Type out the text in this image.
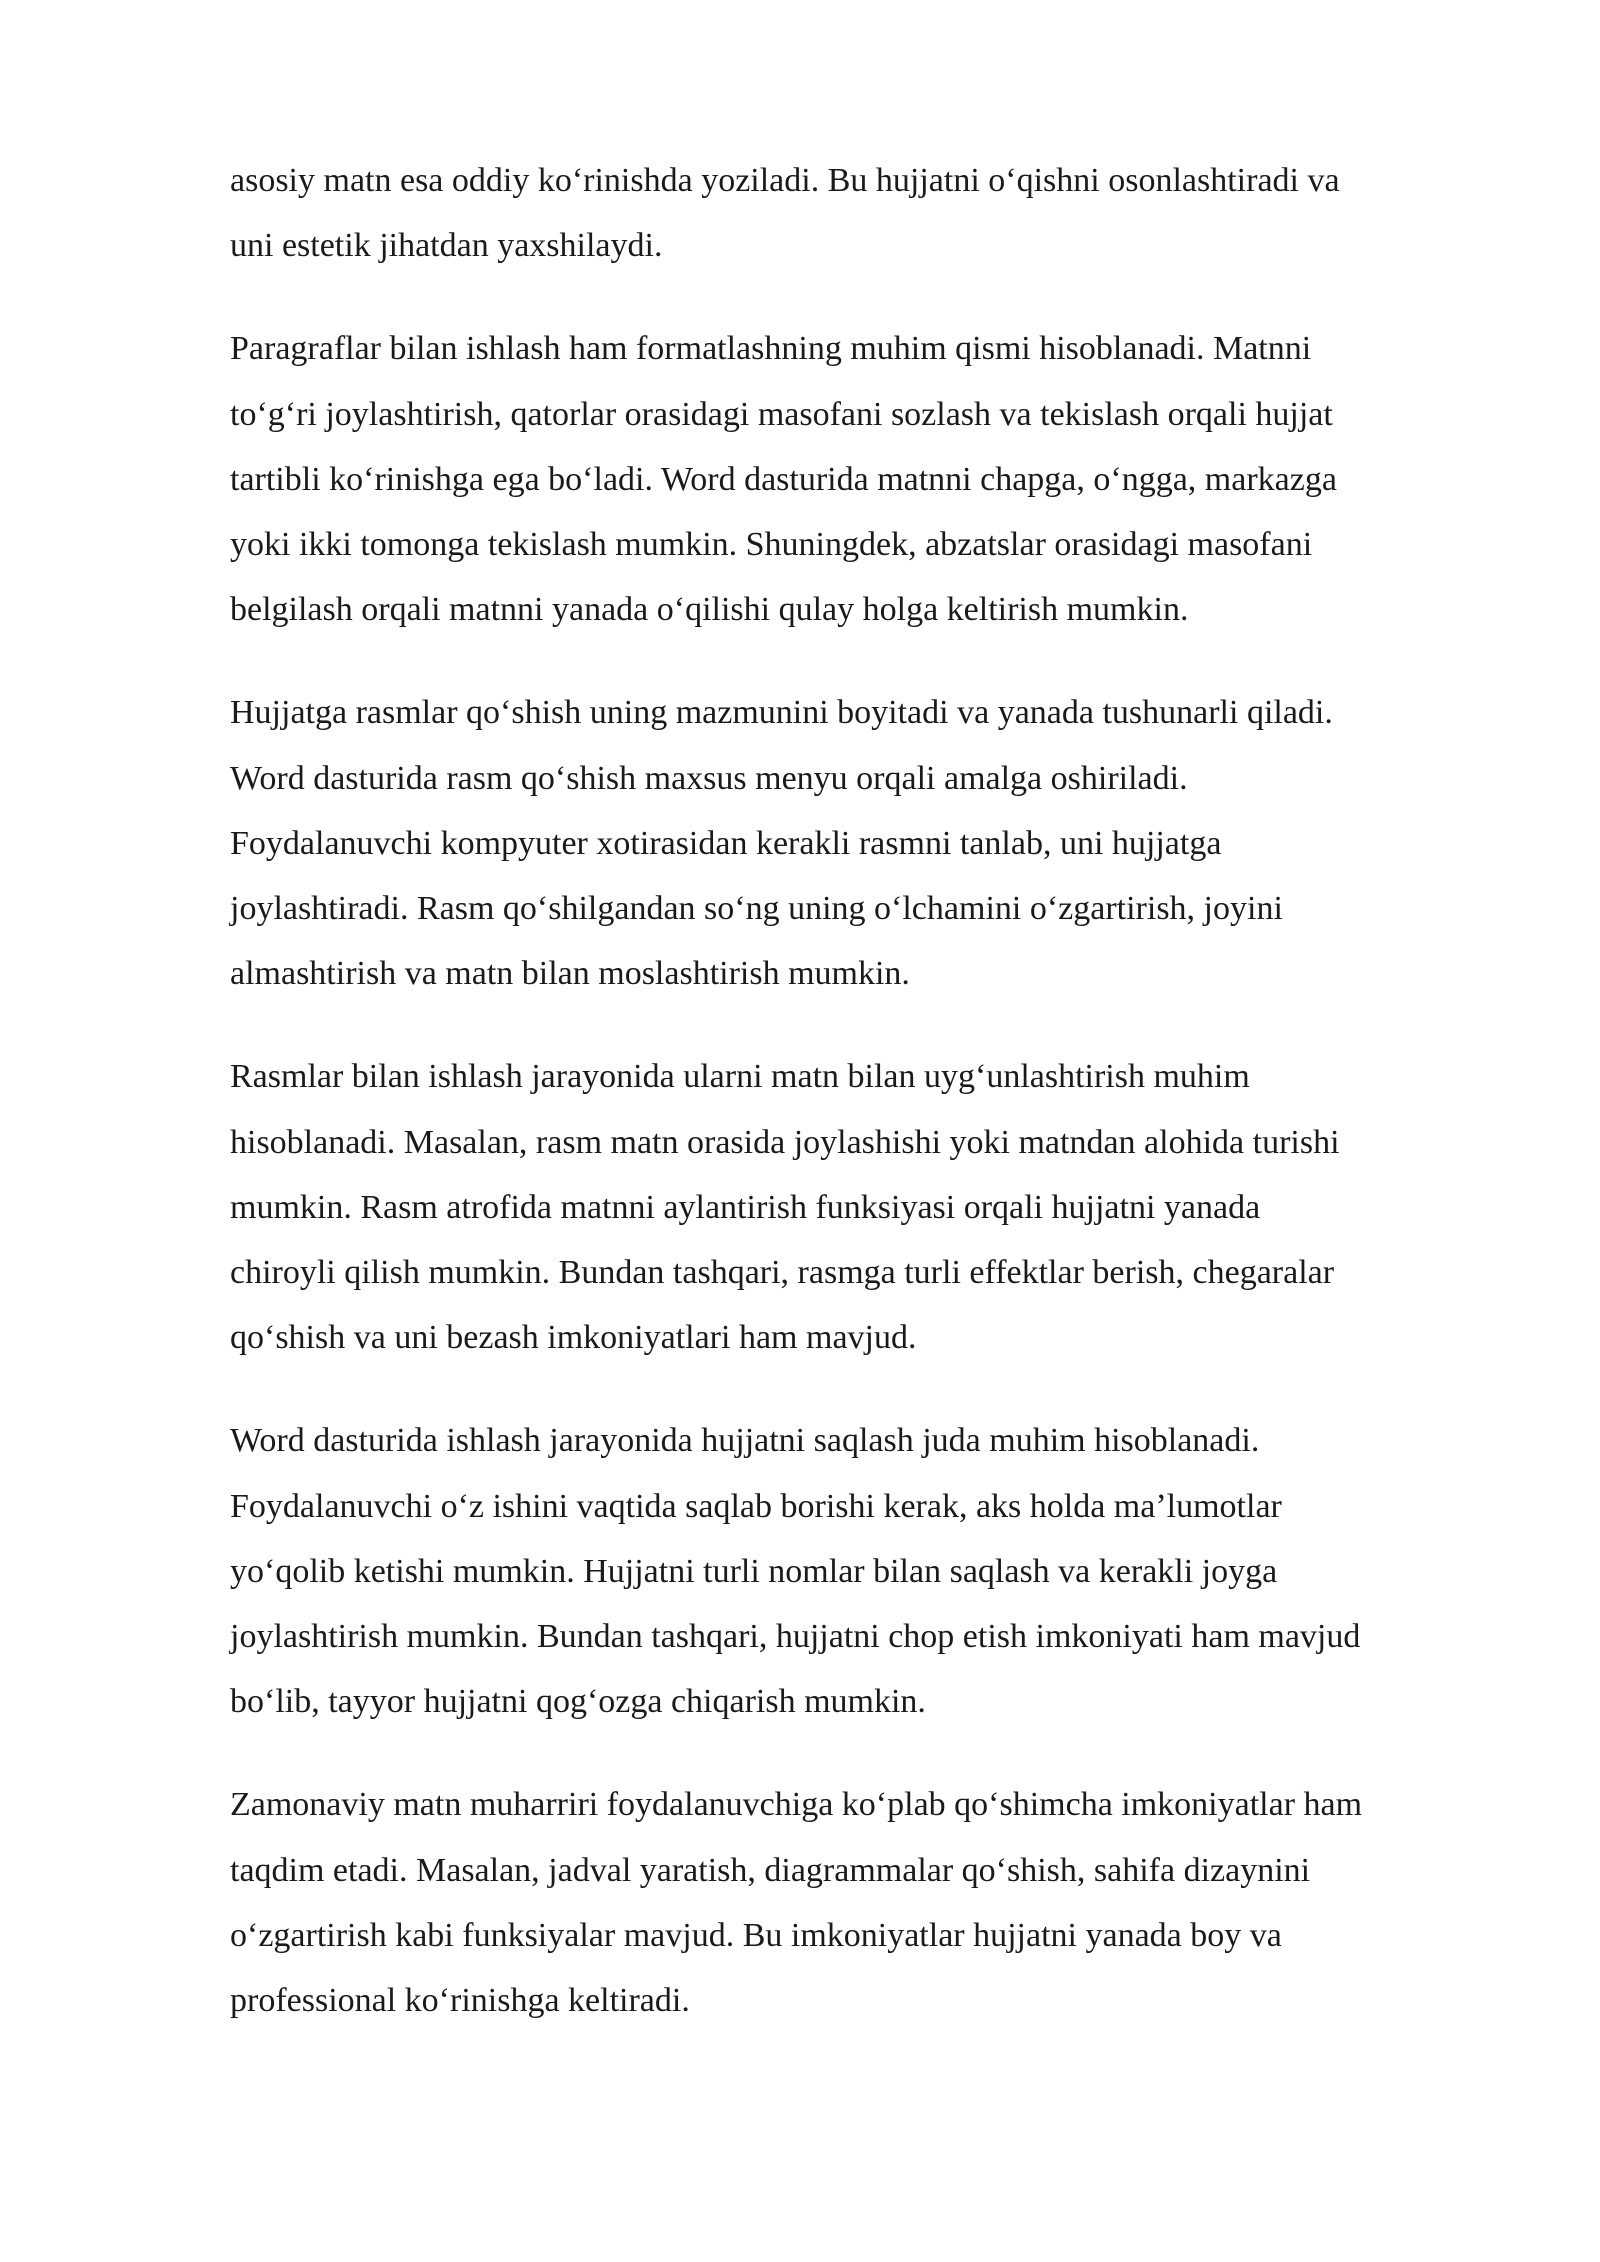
asosiy matn esa oddiy koʻrinishda yoziladi. Bu hujjatni oʻqishni osonlashtiradi va
uni estetik jihatdan yaxshilaydi.

Paragraflar bilan ishlash ham formatlashning muhim qismi hisoblanadi. Matnni
toʻgʻri joylashtirish, qatorlar orasidagi masofani sozlash va tekislash orqali hujjat
tartibli koʻrinishga ega boʻladi. Word dasturida matnni chapga, oʻngga, markazga
yoki ikki tomonga tekislash mumkin. Shuningdek, abzatslar orasidagi masofani
belgilash orqali matnni yanada oʻqilishi qulay holga keltirish mumkin.

Hujjatga rasmlar qoʻshish uning mazmunini boyitadi va yanada tushunarli qiladi.
Word dasturida rasm qoʻshish maxsus menyu orqali amalga oshiriladi.
Foydalanuvchi kompyuter xotirasidan kerakli rasmni tanlab, uni hujjatga
joylashtiradi. Rasm qoʻshilgandan soʻng uning oʻlchamini oʻzgartirish, joyini
almashtirish va matn bilan moslashtirish mumkin.

Rasmlar bilan ishlash jarayonida ularni matn bilan uygʻunlashtirish muhim
hisoblanadi. Masalan, rasm matn orasida joylashishi yoki matndan alohida turishi
mumkin. Rasm atrofida matnni aylantirish funksiyasi orqali hujjatni yanada
chiroyli qilish mumkin. Bundan tashqari, rasmga turli effektlar berish, chegaralar
qoʻshish va uni bezash imkoniyatlari ham mavjud.

Word dasturida ishlash jarayonida hujjatni saqlash juda muhim hisoblanadi.
Foydalanuvchi oʻz ishini vaqtida saqlab borishi kerak, aks holda maʼlumotlar
yoʻqolib ketishi mumkin. Hujjatni turli nomlar bilan saqlash va kerakli joyga
joylashtirish mumkin. Bundan tashqari, hujjatni chop etish imkoniyati ham mavjud
boʻlib, tayyor hujjatni qogʻozga chiqarish mumkin.

Zamonaviy matn muharriri foydalanuvchiga koʻplab qoʻshimcha imkoniyatlar ham
taqdim etadi. Masalan, jadval yaratish, diagrammalar qoʻshish, sahifa dizaynini
oʻzgartirish kabi funksiyalar mavjud. Bu imkoniyatlar hujjatni yanada boy va
professional koʻrinishga keltiradi.
